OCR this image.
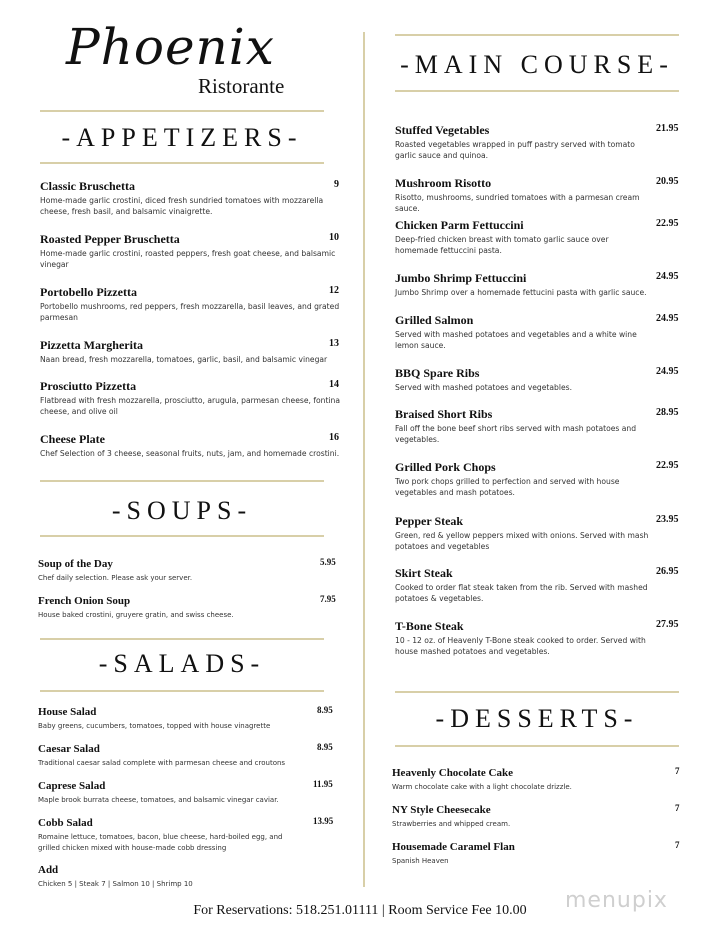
Phoenix
Ristorante
-APPETIZERS-
-SOUPS-
-SALADS-
-MAIN COURSE-
-DESSERTS-
Classic Bruschetta
Home-made garlic crostini, diced fresh sundried tomatoes with mozzarella cheese, fresh basil, and balsamic vinaigrette.
9
Roasted Pepper Bruschetta
Home-made garlic crostini, roasted peppers, fresh goat cheese, and balsamic vinegar
10
Portobello Pizzetta
Portobello mushrooms, red peppers, fresh mozzarella, basil leaves, and grated parmesan
12
Pizzetta Margherita
Naan bread, fresh mozzarella, tomatoes, garlic, basil, and balsamic vinegar
13
Prosciutto Pizzetta
Flatbread with fresh mozzarella, prosciutto, arugula, parmesan cheese, fontina cheese, and olive oil
14
Cheese Plate
Chef Selection of 3 cheese, seasonal fruits, nuts, jam, and homemade crostini.
16
Soup of the Day
Chef daily selection. Please ask your server.
5.95
French Onion Soup
House baked crostini, gruyere gratin, and swiss cheese.
7.95
House Salad
Baby greens, cucumbers, tomatoes, topped with house vinagrette
8.95
Caesar Salad
Traditional caesar salad complete with parmesan cheese and croutons
8.95
Caprese Salad
Maple brook burrata cheese, tomatoes, and balsamic vinegar caviar.
11.95
Cobb Salad
Romaine lettuce, tomatoes, bacon, blue cheese, hard-boiled egg, and grilled chicken mixed with house-made cobb dressing
13.95
Add
Chicken 5 | Steak 7 | Salmon 10 | Shrimp 10
Stuffed Vegetables
Roasted vegetables wrapped in puff pastry served with tomato garlic sauce and quinoa.
21.95
Mushroom Risotto
Risotto, mushrooms, sundried tomatoes with a parmesan cream sauce.
20.95
Chicken Parm Fettuccini
Deep-fried chicken breast with tomato garlic sauce over homemade fettuccini pasta.
22.95
Jumbo Shrimp Fettuccini
Jumbo Shrimp over a homemade fettucini pasta with garlic sauce.
24.95
Grilled Salmon
Served with mashed potatoes and vegetables and a white wine lemon sauce.
24.95
BBQ Spare Ribs
Served with mashed potatoes and vegetables.
24.95
Braised Short Ribs
Fall off the bone beef short ribs served with mash potatoes and vegetables.
28.95
Grilled Pork Chops
Two pork chops grilled to perfection and served with house vegetables and mash potatoes.
22.95
Pepper Steak
Green, red & yellow peppers mixed with onions. Served with mash potatoes and vegetables
23.95
Skirt Steak
Cooked to order flat steak taken from the rib. Served with mashed potatoes & vegetables.
26.95
T-Bone Steak
10 - 12 oz. of Heavenly T-Bone steak cooked to order. Served with house mashed potatoes and vegetables.
27.95
Heavenly Chocolate Cake
Warm chocolate cake with a light chocolate drizzle.
7
NY Style Cheesecake
Strawberries and whipped cream.
7
Housemade Caramel Flan
Spanish Heaven
7
For Reservations: 518.251.01111 | Room Service Fee 10.00	menupix
